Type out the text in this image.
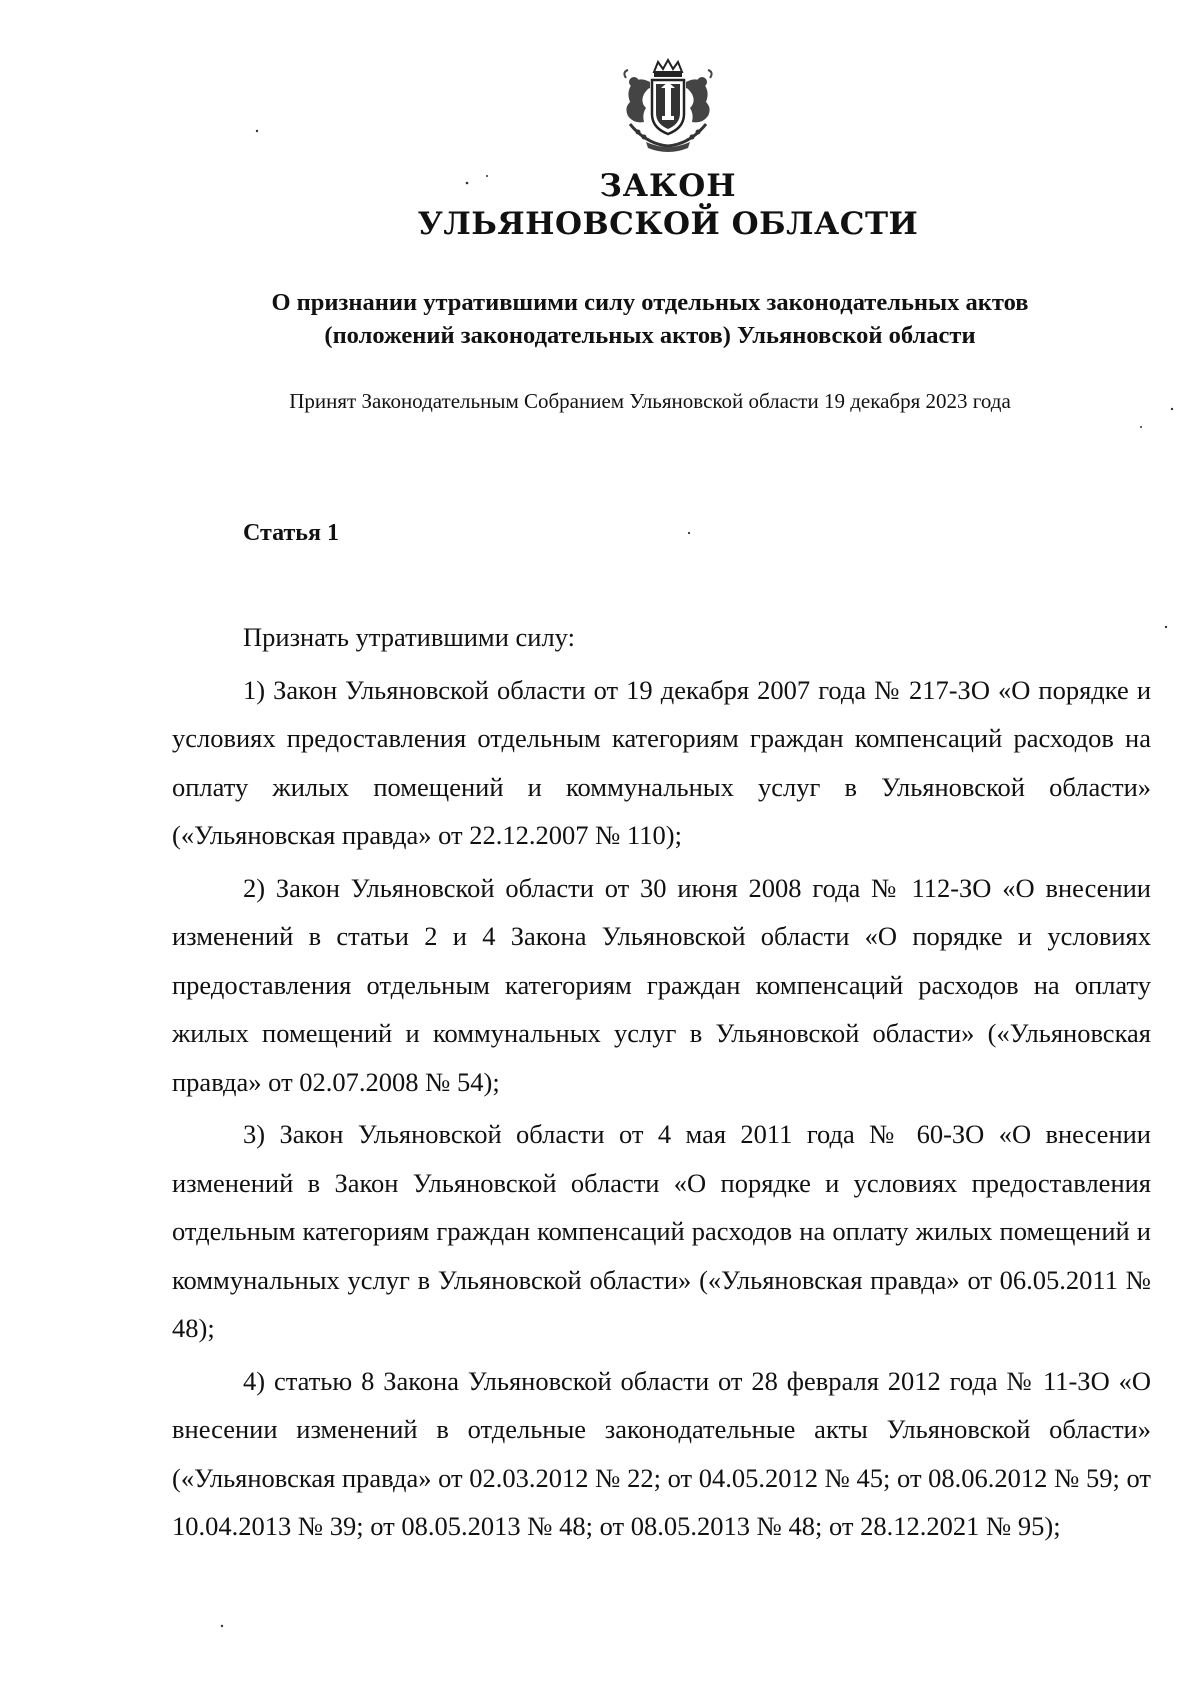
ЗАКОН
УЛЬЯНОВСКОЙ ОБЛАСТИ
О признании утратившими силу отдельных законодательных актов
(положений законодательных актов) Ульяновской области
Принят Законодательным Собранием Ульяновской области 19 декабря 2023 года
Статья 1

Признать утратившими силу:

1) Закон Ульяновской области от 19 декабря 2007 года № 217-ЗО «О порядке и условиях предоставления отдельным категориям граждан компенсаций расходов на оплату жилых помещений и коммунальных услуг в Ульяновской области» («Ульяновская правда» от 22.12.2007 № 110);

2) Закон Ульяновской области от 30 июня 2008 года № 112-ЗО «О внесении изменений в статьи 2 и 4 Закона Ульяновской области «О порядке и условиях предоставления отдельным категориям граждан компенсаций расходов на оплату жилых помещений и коммунальных услуг в Ульяновской области» («Ульяновская правда» от 02.07.2008 № 54);

3) Закон Ульяновской области от 4 мая 2011 года № 60-ЗО «О внесении изменений в Закон Ульяновской области «О порядке и условиях предоставления отдельным категориям граждан компенсаций расходов на оплату жилых помещений и коммунальных услуг в Ульяновской области» («Ульяновская правда» от 06.05.2011 № 48);

4) статью 8 Закона Ульяновской области от 28 февраля 2012 года № 11-ЗО «О внесении изменений в отдельные законодательные акты Ульяновской области» («Ульяновская правда» от 02.03.2012 № 22; от 04.05.2012 № 45; от 08.06.2012 № 59; от 10.04.2013 № 39; от 08.05.2013 № 48; от 08.05.2013 № 48; от 28.12.2021 № 95);
